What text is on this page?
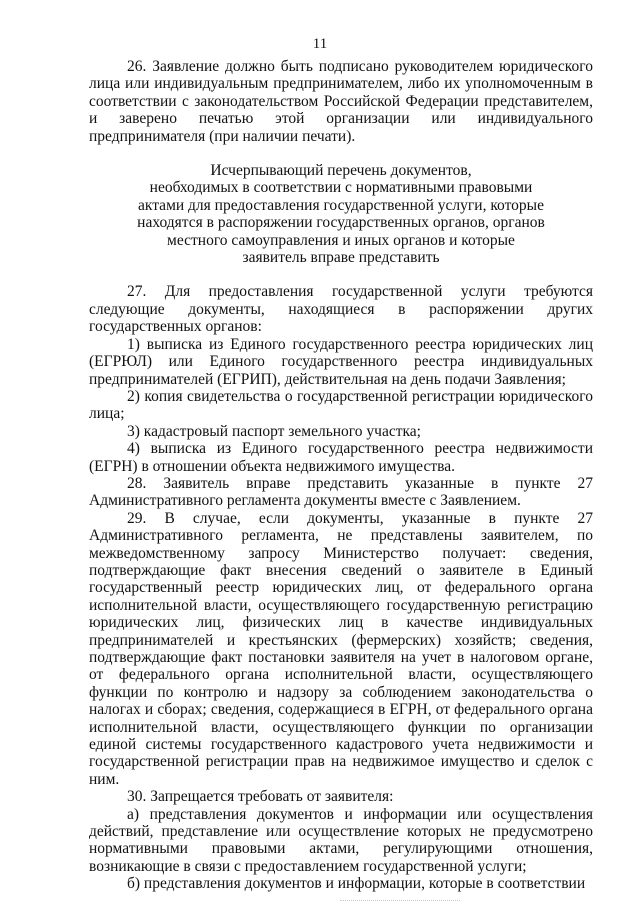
11

26. Заявление должно быть подписано руководителем юридического лица или индивидуальным предпринимателем, либо их уполномоченным в соответствии с законодательством Российской Федерации представителем, и заверено печатью этой организации или индивидуального предпринимателя (при наличии печати).

Исчерпывающий перечень документов,
необходимых в соответствии с нормативными правовыми
актами для предоставления государственной услуги, которые
находятся в распоряжении государственных органов, органов
местного самоуправления и иных органов и которые
заявитель вправе представить

27. Для предоставления государственной услуги требуются следующие документы, находящиеся в распоряжении других государственных органов:

1) выписка из Единого государственного реестра юридических лиц (ЕГРЮЛ) или Единого государственного реестра индивидуальных предпринимателей (ЕГРИП), действительная на день подачи Заявления;

2) копия свидетельства о государственной регистрации юридического лица;

3) кадастровый паспорт земельного участка;

4) выписка из Единого государственного реестра недвижимости (ЕГРН) в отношении объекта недвижимого имущества.

28. Заявитель вправе представить указанные в пункте 27 Административного регламента документы вместе с Заявлением.

29. В случае, если документы, указанные в пункте 27 Административного регламента, не представлены заявителем, по межведомственному запросу Министерство получает: сведения, подтверждающие факт внесения сведений о заявителе в Единый государственный реестр юридических лиц, от федерального органа исполнительной власти, осуществляющего государственную регистрацию юридических лиц, физических лиц в качестве индивидуальных предпринимателей и крестьянских (фермерских) хозяйств; сведения, подтверждающие факт постановки заявителя на учет в налоговом органе, от федерального органа исполнительной власти, осуществляющего функции по контролю и надзору за соблюдением законодательства о налогах и сборах; сведения, содержащиеся в ЕГРН, от федерального органа исполнительной власти, осуществляющего функции по организации единой системы государственного кадастрового учета недвижимости и государственной регистрации прав на недвижимое имущество и сделок с ним.

30. Запрещается требовать от заявителя:

а) представления документов и информации или осуществления действий, представление или осуществление которых не предусмотрено нормативными правовыми актами, регулирующими отношения, возникающие в связи с предоставлением государственной услуги;

б) представления документов и информации, которые в соответствии
